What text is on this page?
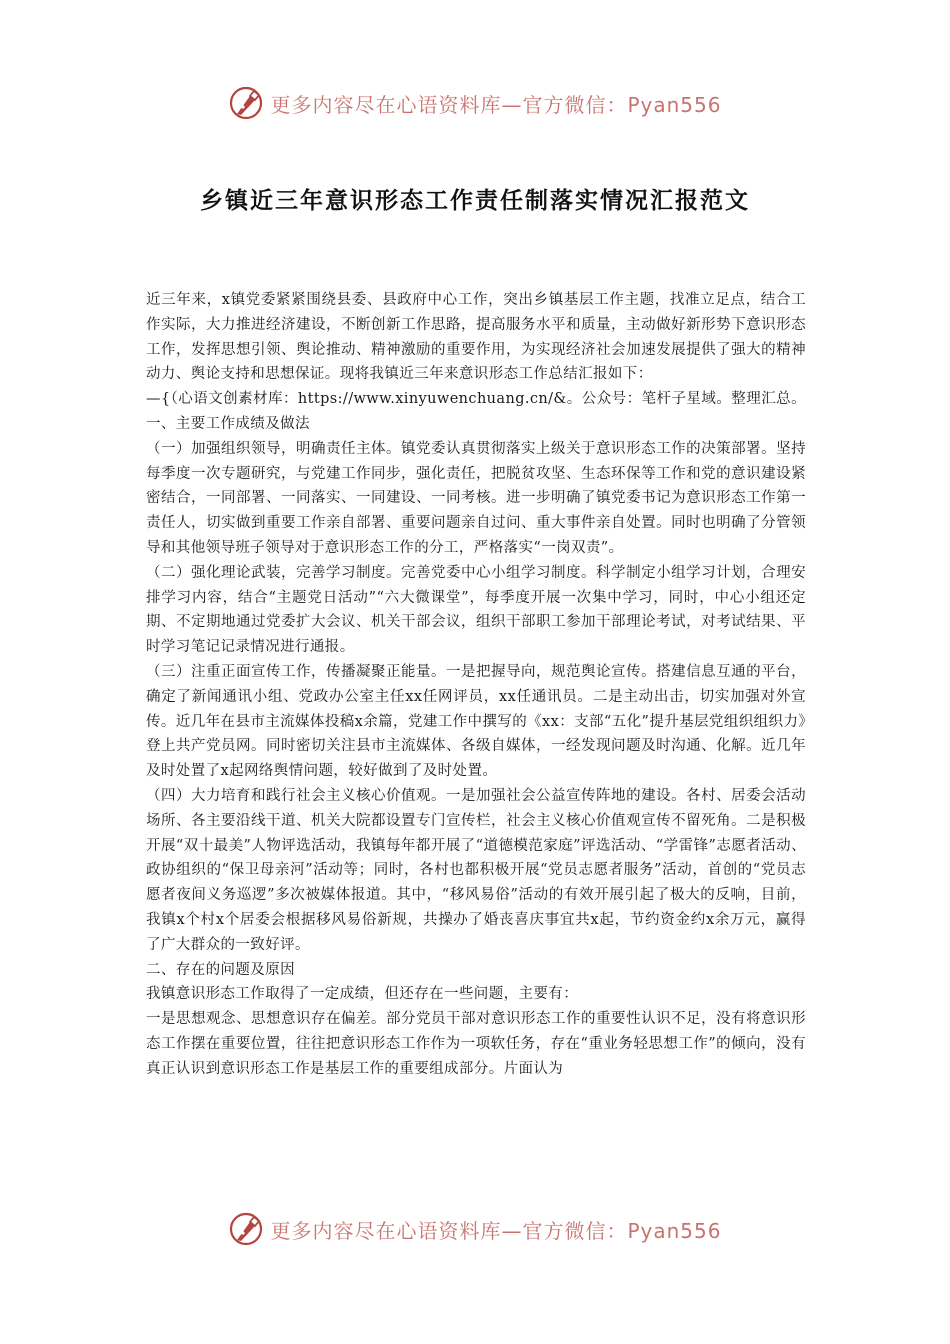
更多内容尽在心语资料库—官方微信：Pyan556
乡镇近三年意识形态工作责任制落实情况汇报范文

近三年来，x镇党委紧紧围绕县委、县政府中心工作，突出乡镇基层工作主题，找准立足点，结合工作实际，大力推进经济建设，不断创新工作思路，提高服务水平和质量，主动做好新形势下意识形态工作，发挥思想引领、舆论推动、精神激励的重要作用，为实现经济社会加速发展提供了强大的精神动力、舆论支持和思想保证。现将我镇近三年来意识形态工作总结汇报如下：

—{（心语文创素材库：https://www.xinyuwenchuang.cn/&。公众号：笔杆子星域。整理汇总。一、主要工作成绩及做法

（一）加强组织领导，明确责任主体。镇党委认真贯彻落实上级关于意识形态工作的决策部署。坚持每季度一次专题研究，与党建工作同步，强化责任，把脱贫攻坚、生态环保等工作和党的意识建设紧密结合，一同部署、一同落实、一同建设、一同考核。进一步明确了镇党委书记为意识形态工作第一责任人，切实做到重要工作亲自部署、重要问题亲自过问、重大事件亲自处置。同时也明确了分管领导和其他领导班子领导对于意识形态工作的分工，严格落实“一岗双责”。

（二）强化理论武装，完善学习制度。完善党委中心小组学习制度。科学制定小组学习计划，合理安排学习内容，结合“主题党日活动”“六大微课堂”，每季度开展一次集中学习，同时，中心小组还定期、不定期地通过党委扩大会议、机关干部会议，组织干部职工参加干部理论考试，对考试结果、平时学习笔记记录情况进行通报。

（三）注重正面宣传工作，传播凝聚正能量。一是把握导向，规范舆论宣传。搭建信息互通的平台，确定了新闻通讯小组、党政办公室主任xx任网评员，xx任通讯员。二是主动出击，切实加强对外宣传。近几年在县市主流媒体投稿x余篇，党建工作中撰写的《xx：支部“五化”提升基层党组织组织力》登上共产党员网。同时密切关注县市主流媒体、各级自媒体，一经发现问题及时沟通、化解。近几年及时处置了x起网络舆情问题，较好做到了及时处置。

（四）大力培育和践行社会主义核心价值观。一是加强社会公益宣传阵地的建设。各村、居委会活动场所、各主要沿线干道、机关大院都设置专门宣传栏，社会主义核心价值观宣传不留死角。二是积极开展“双十最美”人物评选活动，我镇每年都开展了“道德模范家庭”评选活动、“学雷锋”志愿者活动、政协组织的“保卫母亲河”活动等；同时，各村也都积极开展“党员志愿者服务”活动，首创的“党员志愿者夜间义务巡逻”多次被媒体报道。其中，“移风易俗”活动的有效开展引起了极大的反响，目前，我镇x个村x个居委会根据移风易俗新规，共操办了婚丧喜庆事宜共x起，节约资金约x余万元，赢得了广大群众的一致好评。

二、存在的问题及原因

我镇意识形态工作取得了一定成绩，但还存在一些问题，主要有：

一是思想观念、思想意识存在偏差。部分党员干部对意识形态工作的重要性认识不足，没有将意识形态工作摆在重要位置，往往把意识形态工作作为一项软任务，存在“重业务轻思想工作”的倾向，没有真正认识到意识形态工作是基层工作的重要组成部分。片面认为

更多内容尽在心语资料库—官方微信：Pyan556
